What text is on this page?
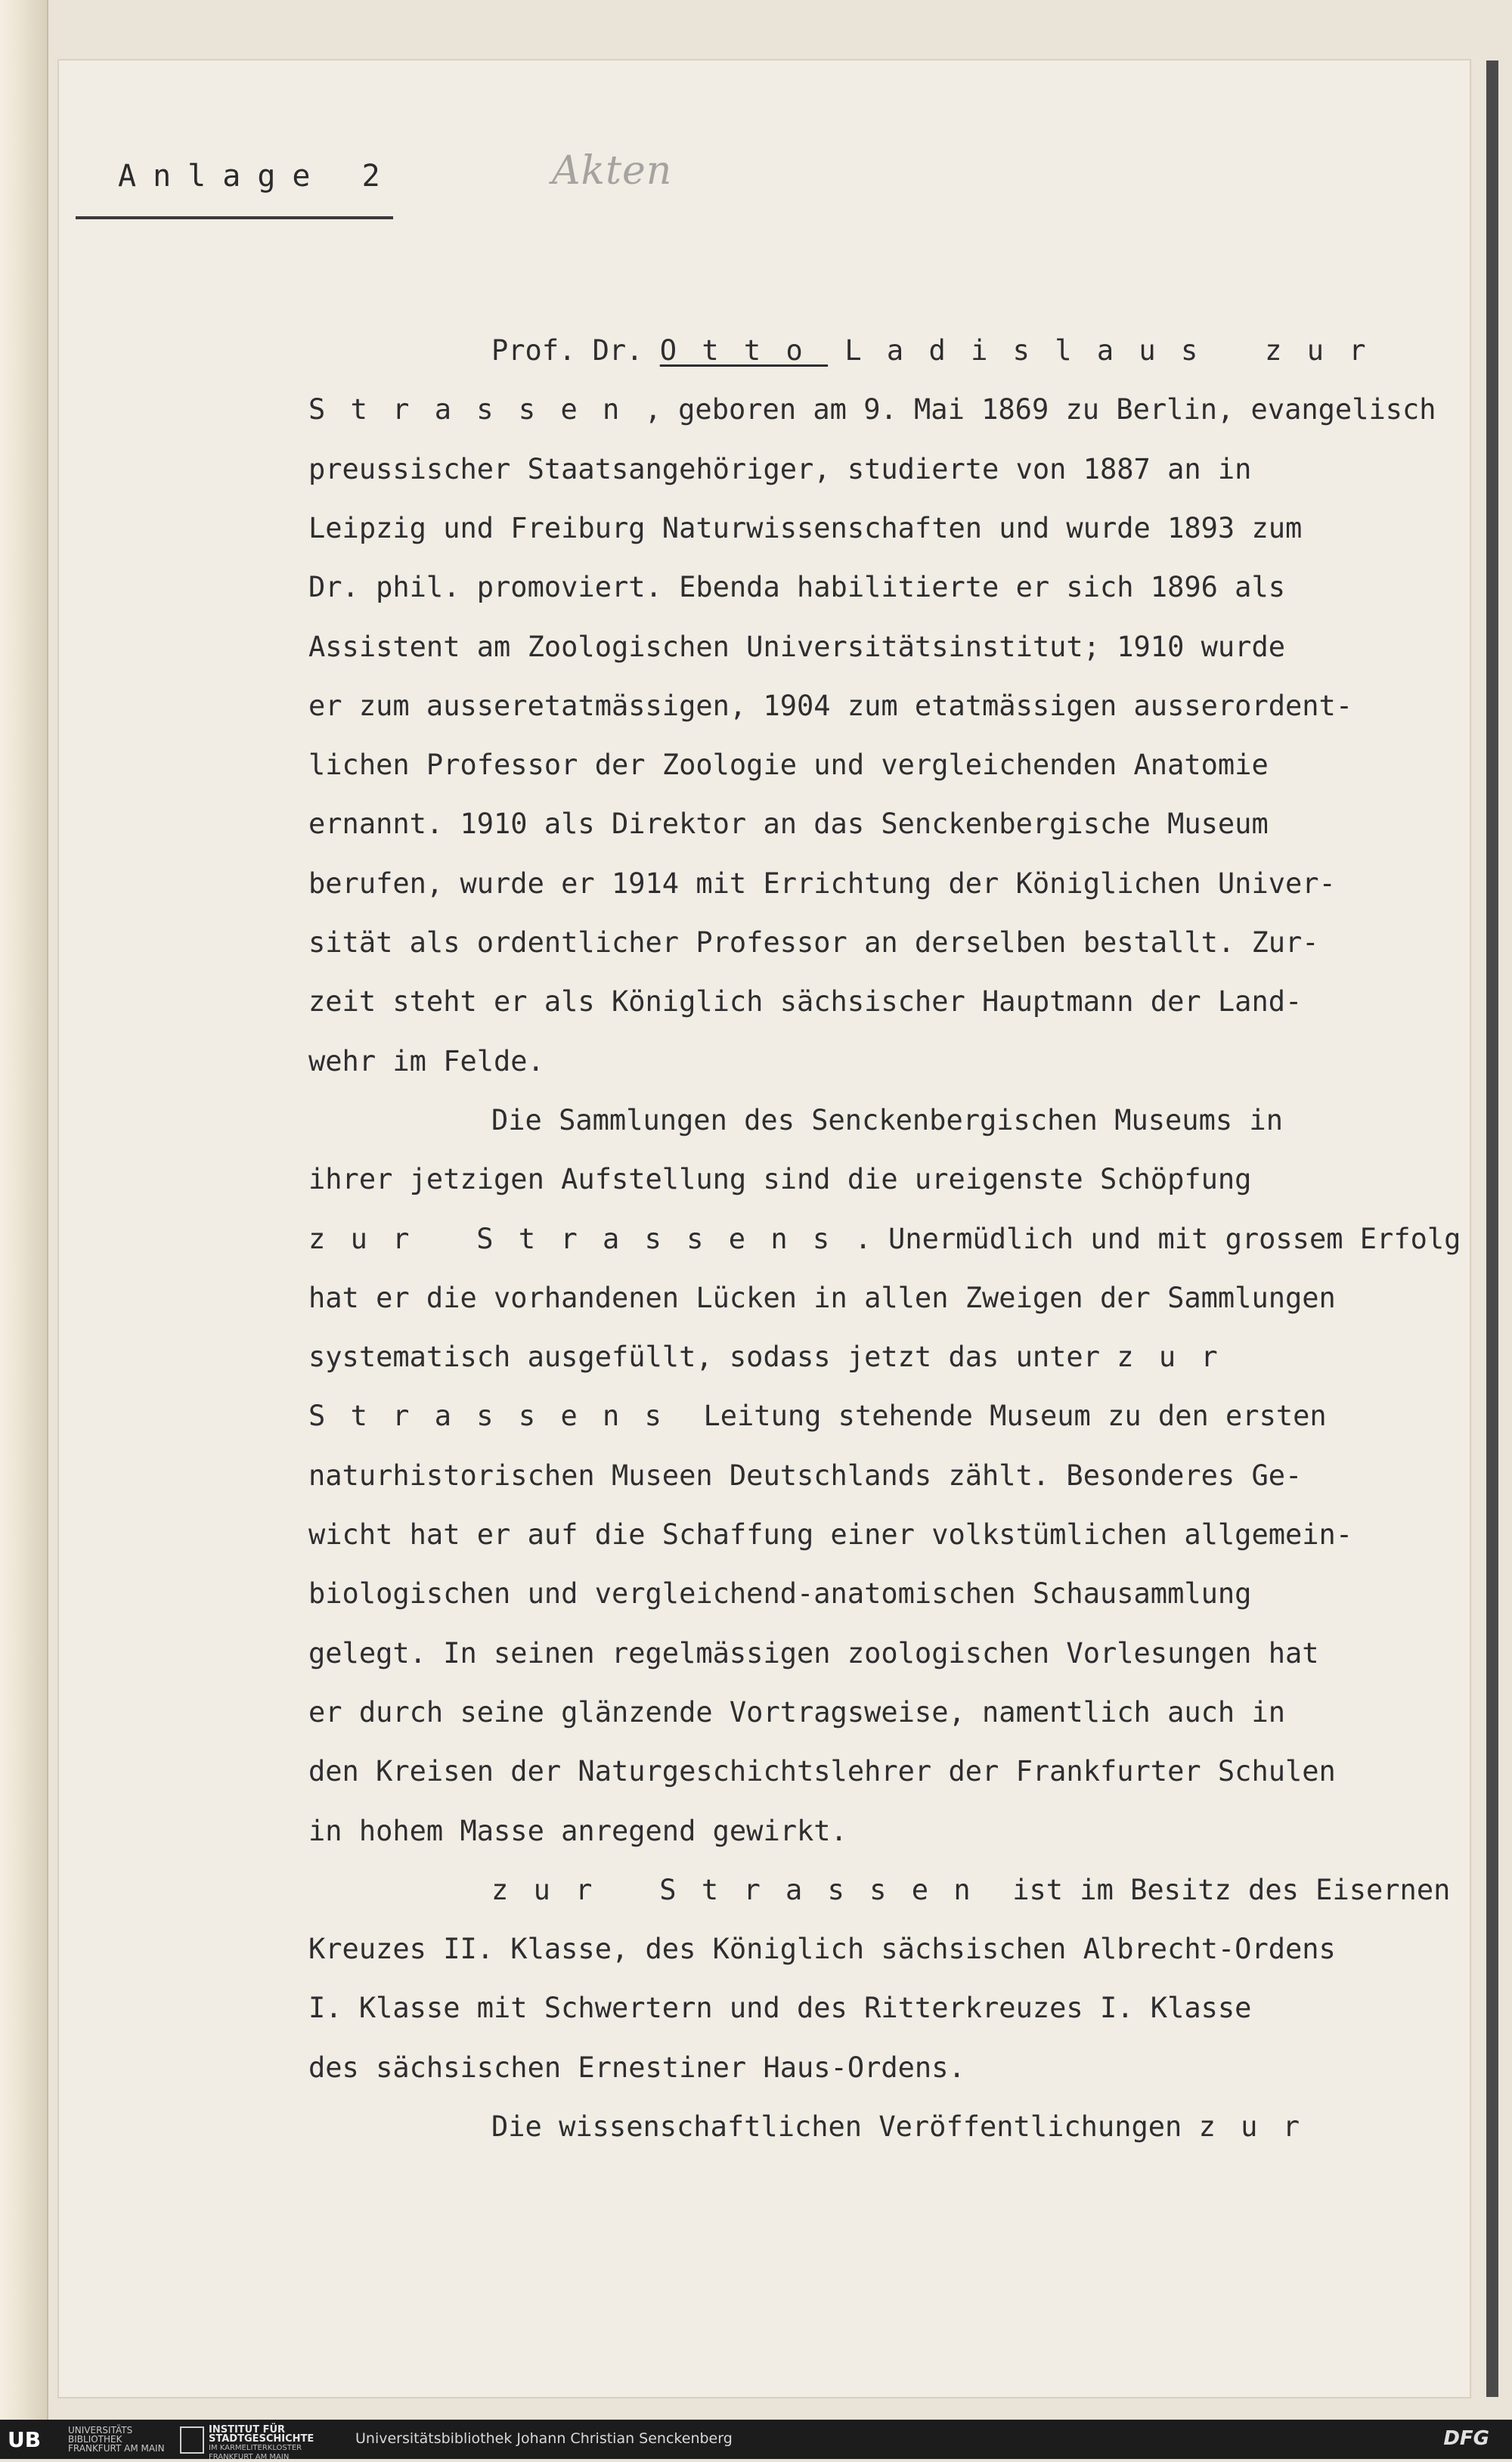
Anlage 2	Akten
Prof. Dr. Otto Ladislaus zur
Strassen, geboren am 9. Mai 1869 zu Berlin, evangelisch
preussischer Staatsangehöriger, studierte von 1887 an in
Leipzig und Freiburg Naturwissenschaften und wurde 1893 zum
Dr. phil. promoviert. Ebenda habilitierte er sich 1896 als
Assistent am Zoologischen Universitätsinstitut; 1910 wurde
er zum ausseretatmässigen, 1904 zum etatmässigen ausserordent-
lichen Professor der Zoologie und vergleichenden Anatomie
ernannt. 1910 als Direktor an das Senckenbergische Museum
berufen, wurde er 1914 mit Errichtung der Königlichen Univer-
sität als ordentlicher Professor an derselben bestallt. Zur-
zeit steht er als Königlich sächsischer Hauptmann der Land-
wehr im Felde.
Die Sammlungen des Senckenbergischen Museums in
ihrer jetzigen Aufstellung sind die ureigenste Schöpfung
zur Strassens. Unermüdlich und mit grossem Erfolg
hat er die vorhandenen Lücken in allen Zweigen der Sammlungen
systematisch ausgefüllt, sodass jetzt das unter zur
Strassens Leitung stehende Museum zu den ersten
naturhistorischen Museen Deutschlands zählt. Besonderes Ge-
wicht hat er auf die Schaffung einer volkstümlichen allgemein-
biologischen und vergleichend-anatomischen Schausammlung
gelegt. In seinen regelmässigen zoologischen Vorlesungen hat
er durch seine glänzende Vortragsweise, namentlich auch in
den Kreisen der Naturgeschichtslehrer der Frankfurter Schulen
in hohem Masse anregend gewirkt.
zur Strassen ist im Besitz des Eisernen
Kreuzes II. Klasse, des Königlich sächsischen Albrecht-Ordens
I. Klasse mit Schwertern und des Ritterkreuzes I. Klasse
des sächsischen Ernestiner Haus-Ordens.
Die wissenschaftlichen Veröffentlichungen zur
UB	UNIVERSITÄTS
BIBLIOTHEK
FRANKFURT AM MAIN
INSTITUT FÜR
STADTGESCHICHTE
IM KARMELITERKLOSTER
FRANKFURT AM MAIN
Universitätsbibliothek Johann Christian Senckenberg	DFG
